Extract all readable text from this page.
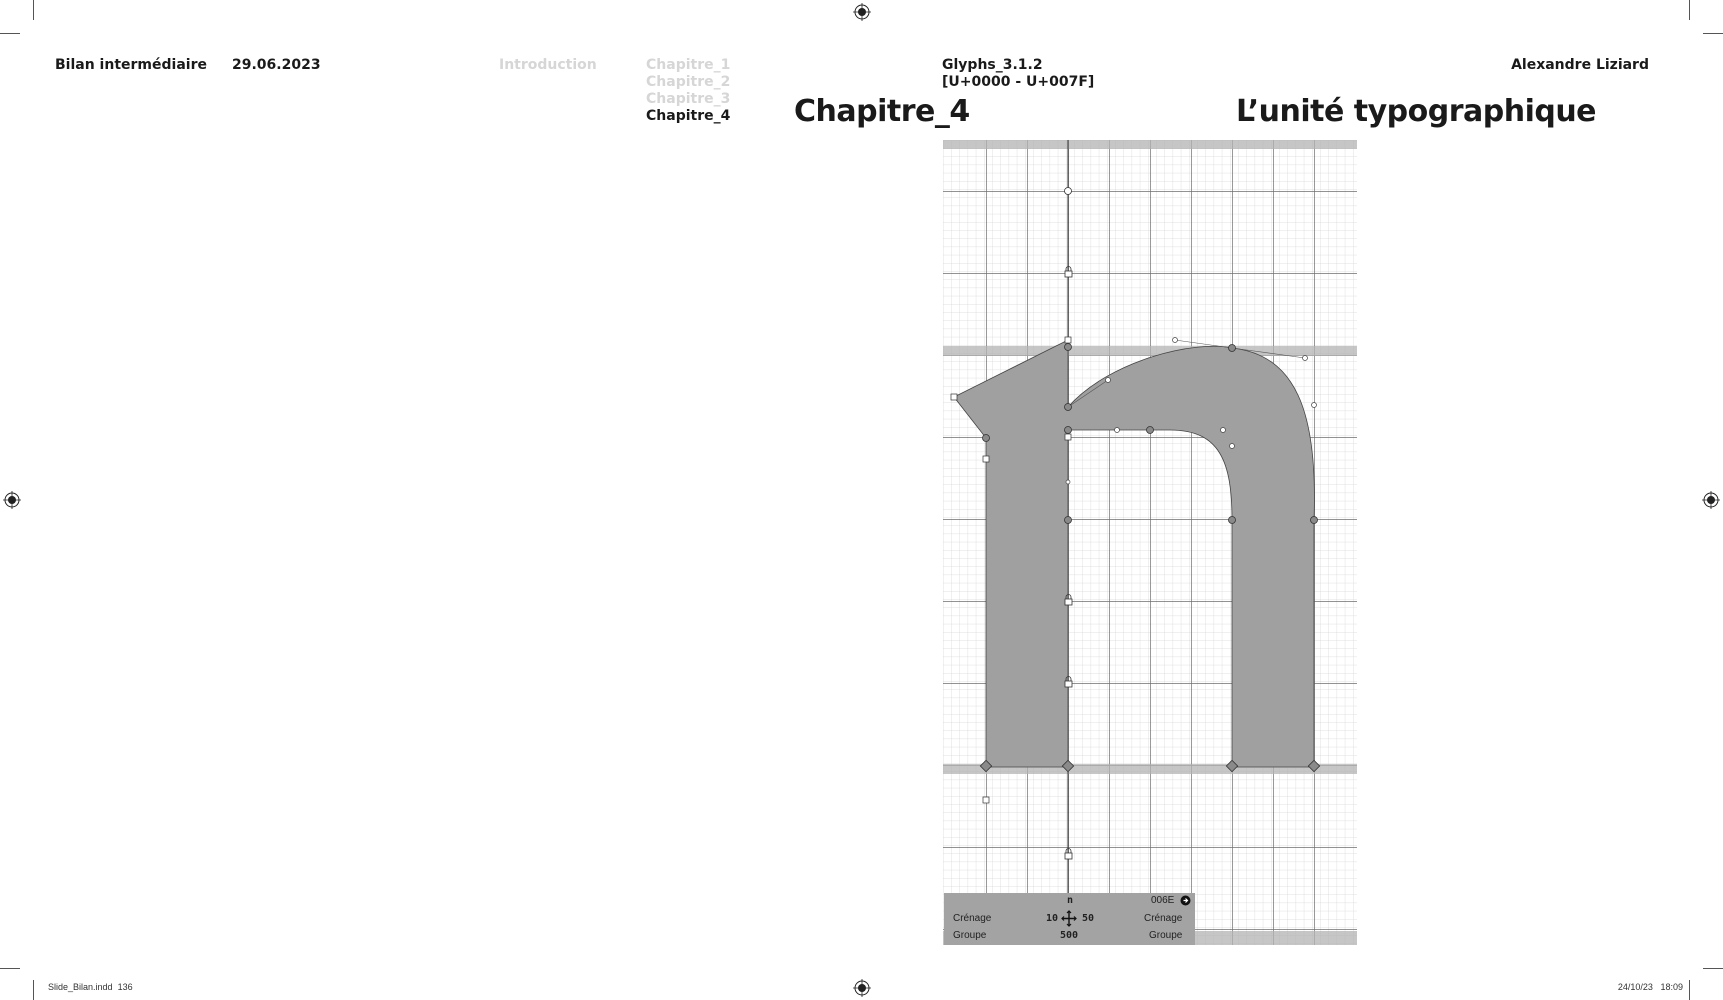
Bilan intermédiaire 29.06.2023	Introduction	Chapitre_1
Chapitre_2
Chapitre_3
Chapitre_4
Glyphs_3.1.2
[U+0000 - U+007F]
Alexandre Liziard
Chapitre_4	L’unité typographique
n	006E
Crénage	10 50	Crénage
Groupe	500	Groupe
Slide_Bilan.indd 136	24/10/23 18:09
